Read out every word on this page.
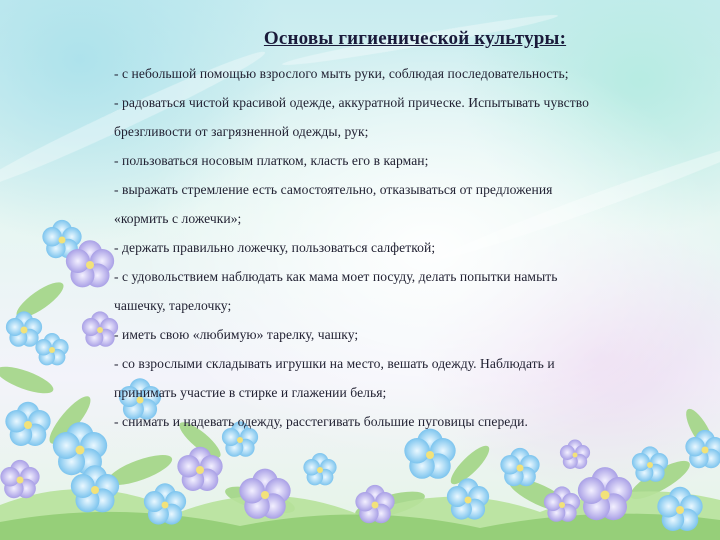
Основы гигиенической культуры:
- с небольшой помощью взрослого мыть руки, соблюдая последовательность;
- радоваться чистой красивой одежде, аккуратной прическе. Испытывать чувство
брезгливости от загрязненной одежды, рук;
- пользоваться носовым платком, класть его в карман;
- выражать стремление есть самостоятельно, отказываться от предложения
«кормить с ложечки»;
- держать правильно ложечку, пользоваться салфеткой;
- с удовольствием наблюдать как мама моет посуду, делать попытки намыть
чашечку, тарелочку;
- иметь свою «любимую» тарелку, чашку;
- со взрослыми складывать игрушки на место, вешать одежду. Наблюдать и
принимать участие в стирке и глажении белья;
- снимать и надевать одежду, расстегивать большие пуговицы спереди.
